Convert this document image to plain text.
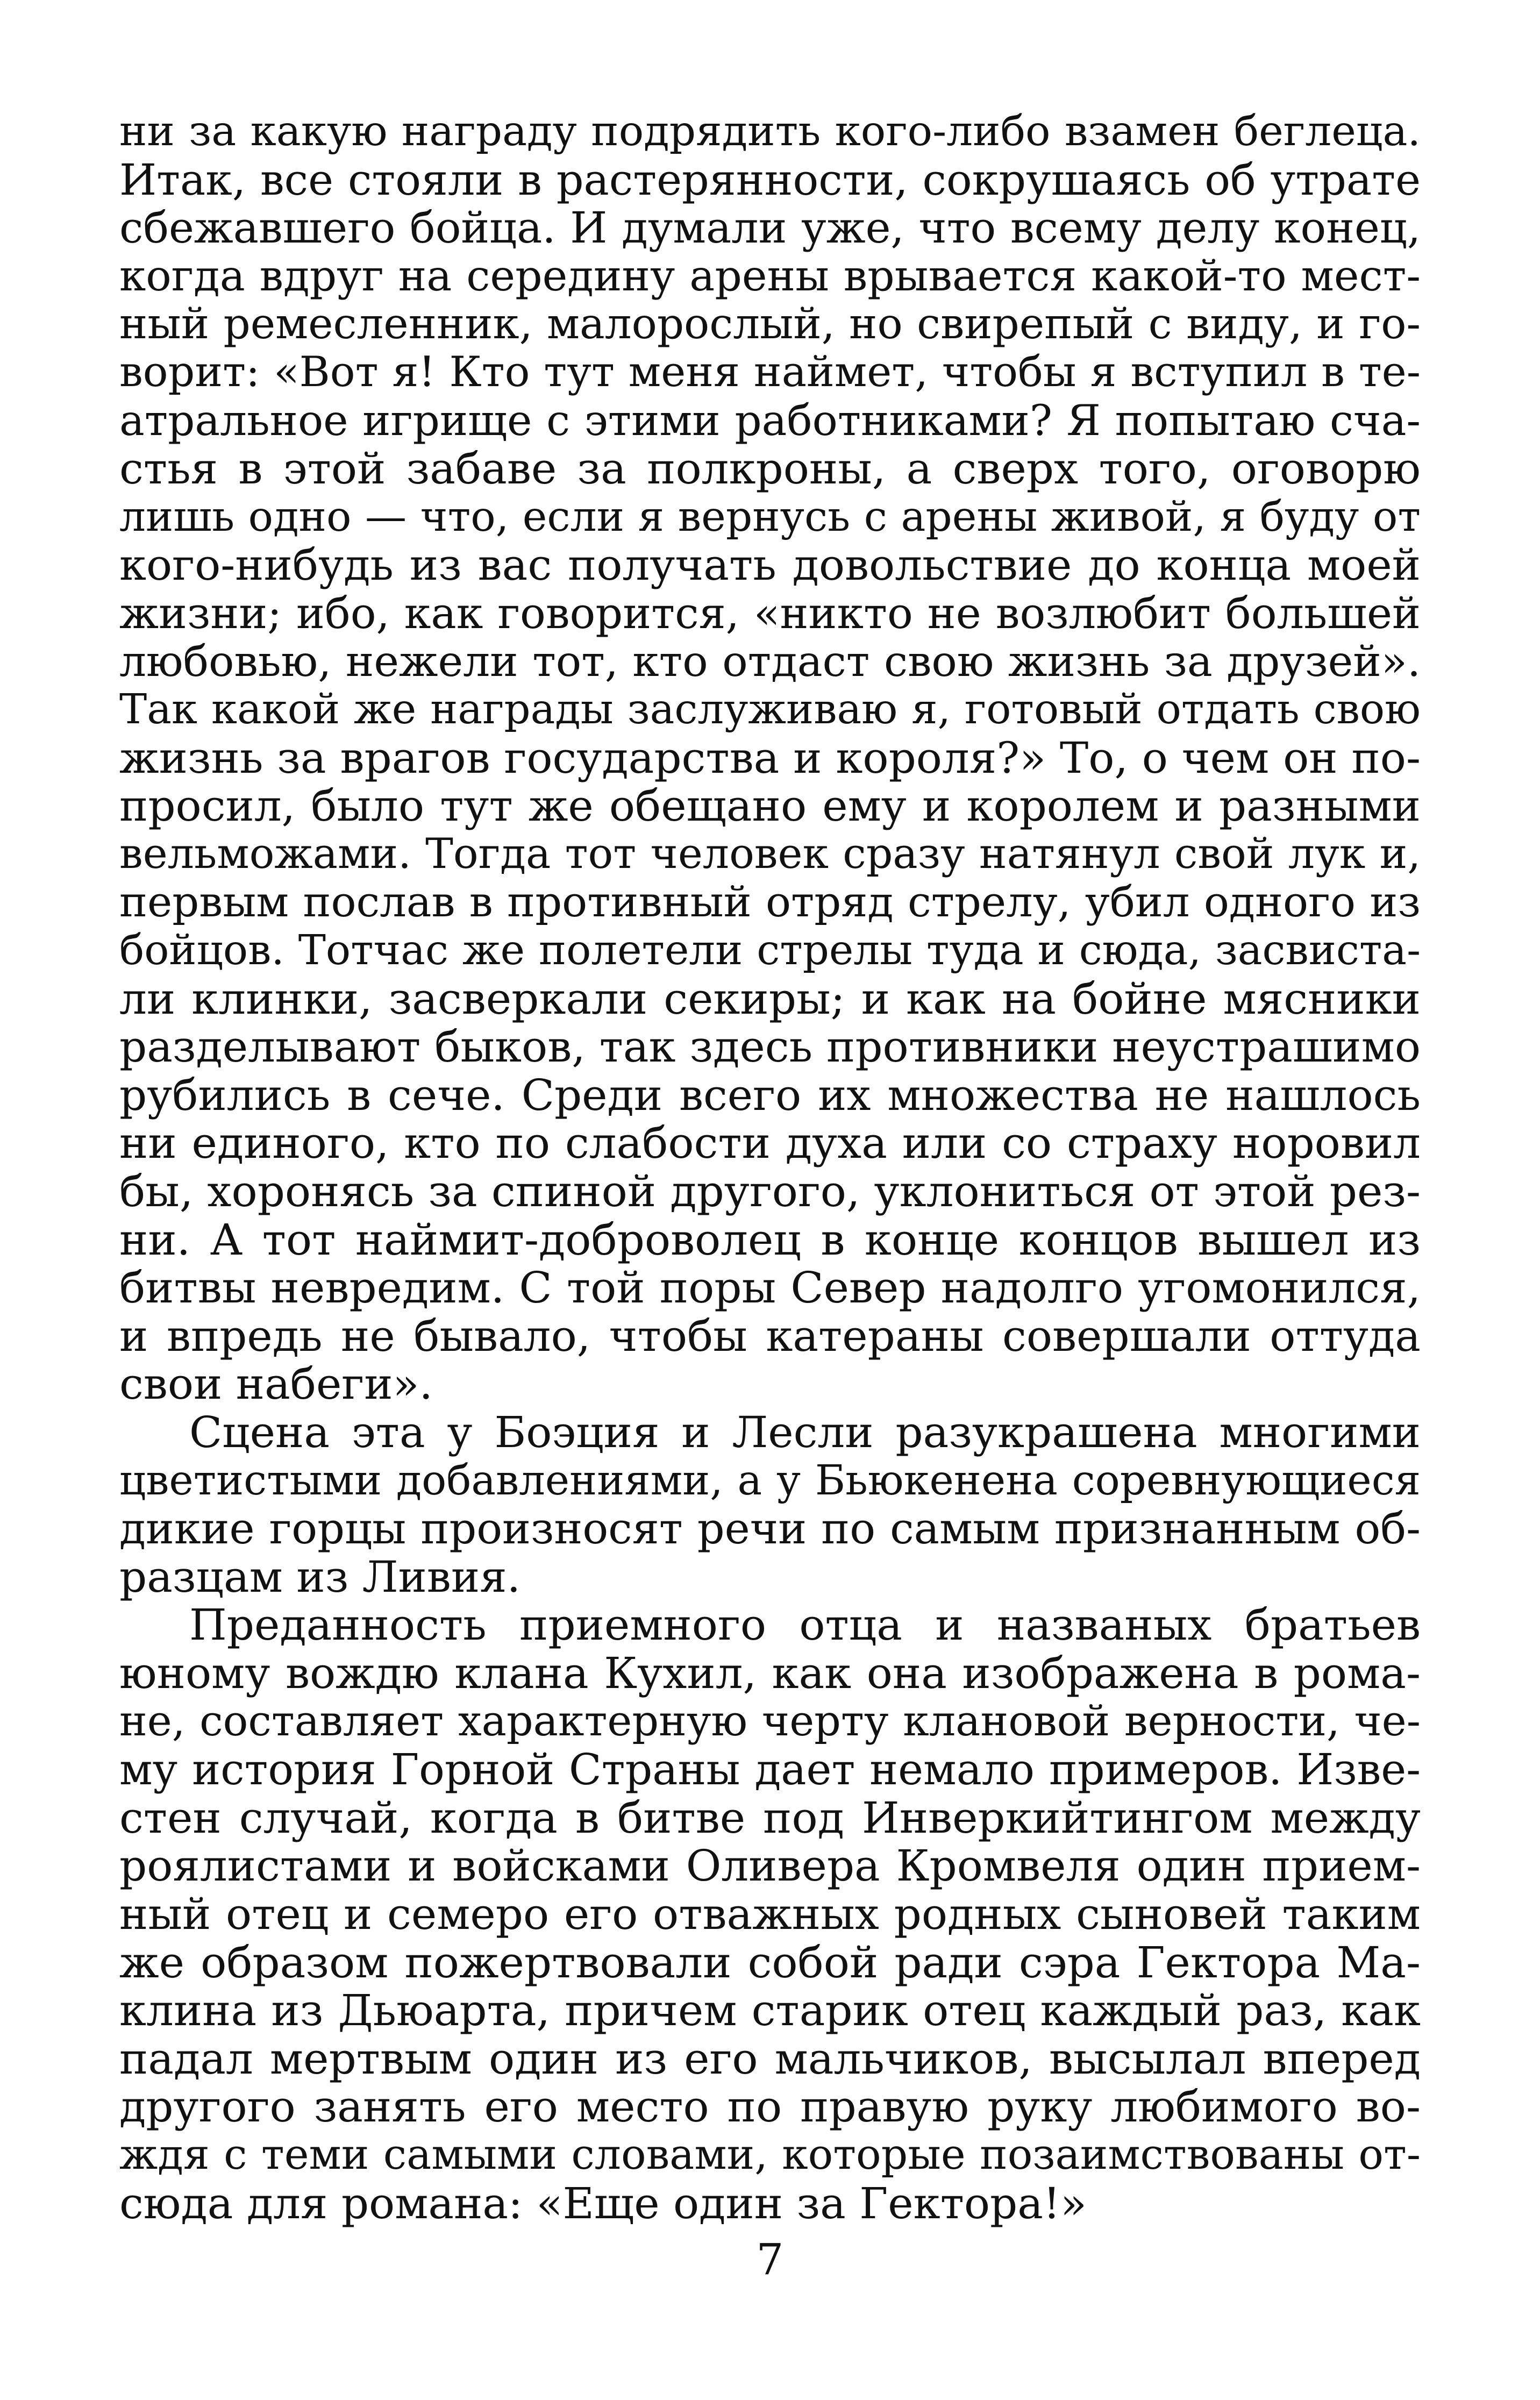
ни за какую награду подрядить кого-либо взамен беглеца.
Итак, все стояли в растерянности, сокрушаясь об утрате
сбежавшего бойца. И думали уже, что всему делу конец,
когда вдруг на середину арены врывается какой-то мест-
ный ремесленник, малорослый, но свирепый с виду, и го-
ворит: «Вот я! Кто тут меня наймет, чтобы я вступил в те-
атральное игрище с этими работниками? Я попытаю сча-
стья в этой забаве за полкроны, а сверх того, оговорю
лишь одно — что, если я вернусь с арены живой, я буду от
кого-нибудь из вас получать довольствие до конца моей
жизни; ибо, как говорится, «никто не возлюбит большей
любовью, нежели тот, кто отдаст свою жизнь за друзей».
Так какой же награды заслуживаю я, готовый отдать свою
жизнь за врагов государства и короля?» То, о чем он по-
просил, было тут же обещано ему и королем и разными
вельможами. Тогда тот человек сразу натянул свой лук и,
первым послав в противный отряд стрелу, убил одного из
бойцов. Тотчас же полетели стрелы туда и сюда, засвиста-
ли клинки, засверкали секиры; и как на бойне мясники
разделывают быков, так здесь противники неустрашимо
рубились в сече. Среди всего их множества не нашлось
ни единого, кто по слабости духа или со страху норовил
бы, хоронясь за спиной другого, уклониться от этой рез-
ни. А тот наймит-доброволец в конце концов вышел из
битвы невредим. С той поры Север надолго угомонился,
и впредь не бывало, чтобы катераны совершали оттуда
свои набеги».
Сцена эта у Боэция и Лесли разукрашена многими
цветистыми добавлениями, а у Бьюкенена соревнующиеся
дикие горцы произносят речи по самым признанным об-
разцам из Ливия.
Преданность приемного отца и названых братьев
юному вождю клана Кухил, как она изображена в рома-
не, составляет характерную черту клановой верности, че-
му история Горной Страны дает немало примеров. Изве-
стен случай, когда в битве под Инверкийтингом между
роялистами и войсками Оливера Кромвеля один прием-
ный отец и семеро его отважных родных сыновей таким
же образом пожертвовали собой ради сэра Гектора Ма-
клина из Дьюарта, причем старик отец каждый раз, как
падал мертвым один из его мальчиков, высылал вперед
другого занять его место по правую руку любимого во-
ждя с теми самыми словами, которые позаимствованы от-
сюда для романа: «Еще один за Гектора!»
7
